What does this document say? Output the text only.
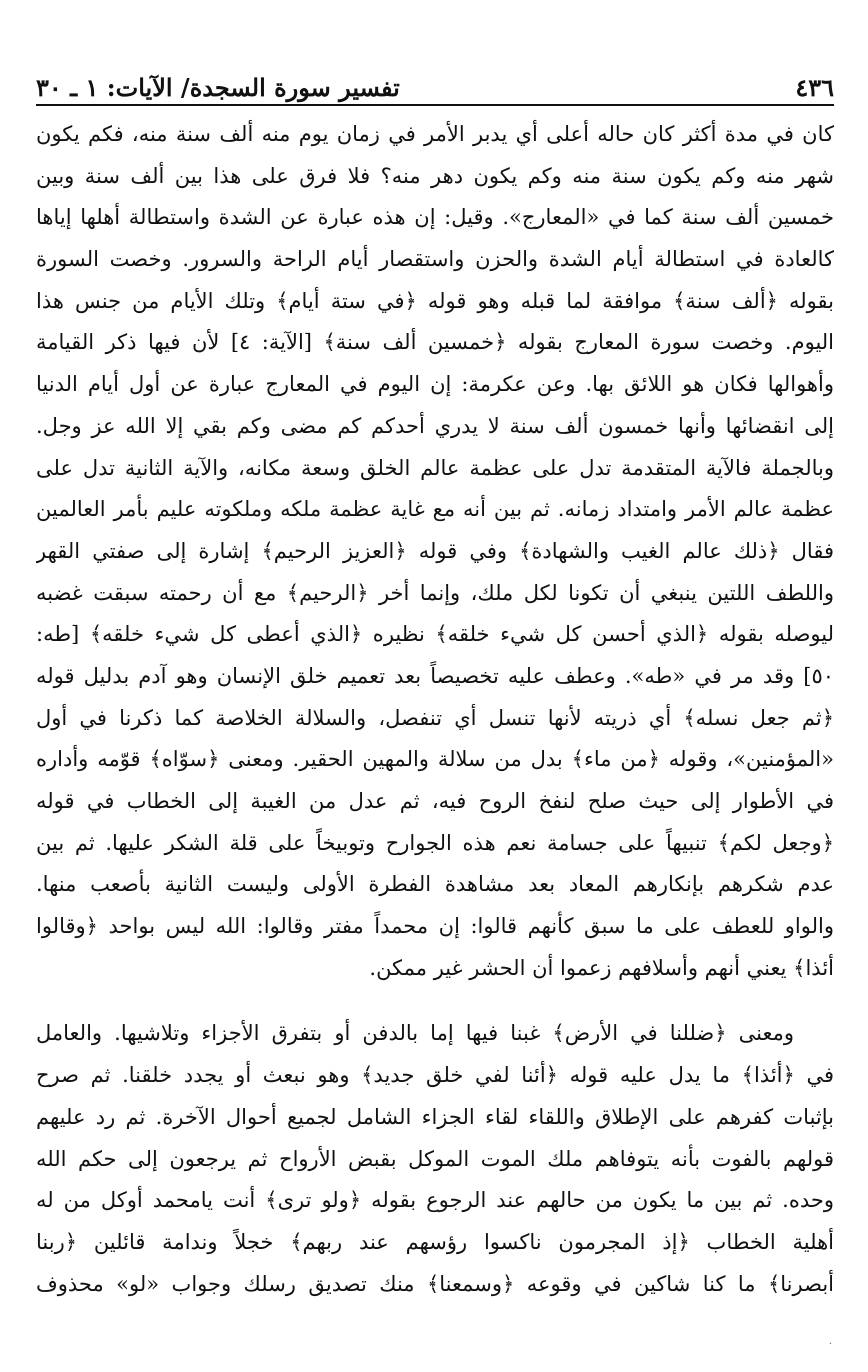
٤٣٦
تفسير سورة السجدة/ الآيات: ١ ـ ٣٠
كان في مدة أكثر كان حاله أعلى أي يدبر الأمر في زمان يوم منه ألف سنة منه، فكم يكون
شهر منه وكم يكون سنة منه وكم يكون دهر منه؟ فلا فرق على هذا بين ألف سنة وبين
خمسين ألف سنة كما في «المعارج». وقيل: إن هذه عبارة عن الشدة واستطالة أهلها إياها
كالعادة في استطالة أيام الشدة والحزن واستقصار أيام الراحة والسرور. وخصت السورة
بقوله ﴿ألف سنة﴾ موافقة لما قبله وهو قوله ﴿في ستة أيام﴾ وتلك الأيام من جنس هذا
اليوم. وخصت سورة المعارج بقوله ﴿خمسين ألف سنة﴾ [الآية: ٤] لأن فيها ذكر القيامة
وأهوالها فكان هو اللائق بها. وعن عكرمة: إن اليوم في المعارج عبارة عن أول أيام الدنيا
إلى انقضائها وأنها خمسون ألف سنة لا يدري أحدكم كم مضى وكم بقي إلا الله عز وجل.
وبالجملة فالآية المتقدمة تدل على عظمة عالم الخلق وسعة مكانه، والآية الثانية تدل على
عظمة عالم الأمر وامتداد زمانه. ثم بين أنه مع غاية عظمة ملكه وملكوته عليم بأمر العالمين
فقال ﴿ذلك عالم الغيب والشهادة﴾ وفي قوله ﴿العزيز الرحيم﴾ إشارة إلى صفتي القهر
واللطف اللتين ينبغي أن تكونا لكل ملك، وإنما أخر ﴿الرحيم﴾ مع أن رحمته سبقت غضبه
ليوصله بقوله ﴿الذي أحسن كل شيء خلقه﴾ نظيره ﴿الذي أعطى كل شيء خلقه﴾ [طه:
٥٠] وقد مر في «طه». وعطف عليه تخصيصاً بعد تعميم خلق الإنسان وهو آدم بدليل قوله
﴿ثم جعل نسله﴾ أي ذريته لأنها تنسل أي تنفصل، والسلالة الخلاصة كما ذكرنا في أول
«المؤمنين»، وقوله ﴿من ماء﴾ بدل من سلالة والمهين الحقير. ومعنى ﴿سوّاه﴾ قوّمه وأداره
في الأطوار إلى حيث صلح لنفخ الروح فيه، ثم عدل من الغيبة إلى الخطاب في قوله
﴿وجعل لكم﴾ تنبيهاً على جسامة نعم هذه الجوارح وتوبيخاً على قلة الشكر عليها. ثم بين
عدم شكرهم بإنكارهم المعاد بعد مشاهدة الفطرة الأولى وليست الثانية بأصعب منها.
والواو للعطف على ما سبق كأنهم قالوا: إن محمداً مفتر وقالوا: الله ليس بواحد ﴿وقالوا
أئذا﴾ يعني أنهم وأسلافهم زعموا أن الحشر غير ممكن.
ومعنى ﴿ضللنا في الأرض﴾ غبنا فيها إما بالدفن أو بتفرق الأجزاء وتلاشيها. والعامل
في ﴿أئذا﴾ ما يدل عليه قوله ﴿أئنا لفي خلق جديد﴾ وهو نبعث أو يجدد خلقنا. ثم صرح
بإثبات كفرهم على الإطلاق واللقاء لقاء الجزاء الشامل لجميع أحوال الآخرة. ثم رد عليهم
قولهم بالفوت بأنه يتوفاهم ملك الموت الموكل بقبض الأرواح ثم يرجعون إلى حكم الله
وحده. ثم بين ما يكون من حالهم عند الرجوع بقوله ﴿ولو ترى﴾ أنت يامحمد أوكل من له
أهلية الخطاب ﴿إذ المجرمون ناكسوا رؤسهم عند ربهم﴾ خجلاً وندامة قائلين ﴿ربنا
أبصرنا﴾ ما كنا شاكين في وقوعه ﴿وسمعنا﴾ منك تصديق رسلك وجواب «لو» محذوف
·
